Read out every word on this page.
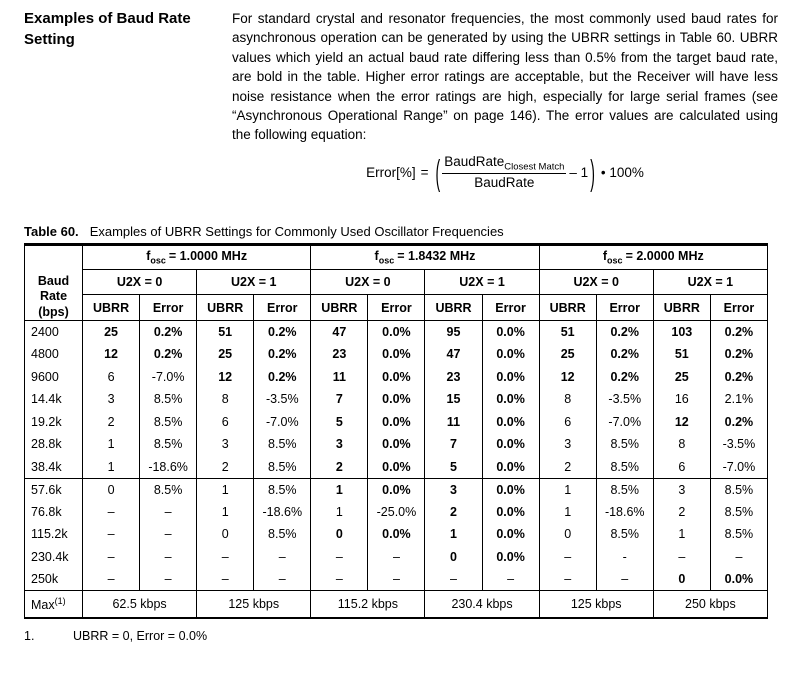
Examples of Baud Rate
Setting
For standard crystal and resonator frequencies, the most commonly used baud rates for asynchronous operation can be generated by using the UBRR settings in Table 60. UBRR values which yield an actual baud rate differing less than 0.5% from the target baud rate, are bold in the table. Higher error ratings are acceptable, but the Receiver will have less noise resistance when the error ratings are high, especially for large serial frames (see “Asynchronous Operational Range” on page 146). The error values are calculated using the following equation:
Error[%] = ( $\frac{BaudRate_{Closest Match}}{\text{BaudRate}} - 1$ ) • 100%
Table 60. Examples of UBRR Settings for Commonly Used Oscillator Frequencies
Baud
Rate
(bps)	$f_{osc} = 1.0000$ MHz				$f_{osc} = 1.8432$ MHz				$f_{osc} = 2.0000$ MHz			
	U2X = 0		U2X = 1		U2X = 0		U2X = 1		U2X = 0		U2X = 1	
	UBRR	Error	UBRR	Error	UBRR	Error	UBRR	Error	UBRR	Error	UBRR	Error
2400	25	0.2%	51	0.2%	47	0.0%	95	0.0%	51	0.2%	103	0.2%
4800	12	0.2%	25	0.2%	23	0.0%	47	0.0%	25	0.2%	51	0.2%
9600	6	-7.0%	12	0.2%	11	0.0%	23	0.0%	12	0.2%	25	0.2%
14.4k	3	8.5%	8	-3.5%	7	0.0%	15	0.0%	8	-3.5%	16	2.1%
19.2k	2	8.5%	6	-7.0%	5	0.0%	11	0.0%	6	-7.0%	12	0.2%
28.8k	1	8.5%	3	8.5%	3	0.0%	7	0.0%	3	8.5%	8	-3.5%
38.4k	1	-18.6%	2	8.5%	2	0.0%	5	0.0%	2	8.5%	6	-7.0%
57.6k	0	8.5%	1	8.5%	1	0.0%	3	0.0%	1	8.5%	3	8.5%
76.8k	–	–	1	-18.6%	1	-25.0%	2	0.0%	1	-18.6%	2	8.5%
115.2k	–	–	0	8.5%	0	0.0%	1	0.0%	0	8.5%	1	8.5%
230.4k	–	–	–	–	–	–	0	0.0%	–	-	–	–
250k	–	–	–	–	–	–	–	–	–	–	0	0.0%
Max$^{(1)}$	62.5 kbps		125 kbps		115.2 kbps		230.4 kbps		125 kbps		250 kbps	
1.	UBRR = 0, Error = 0.0%
